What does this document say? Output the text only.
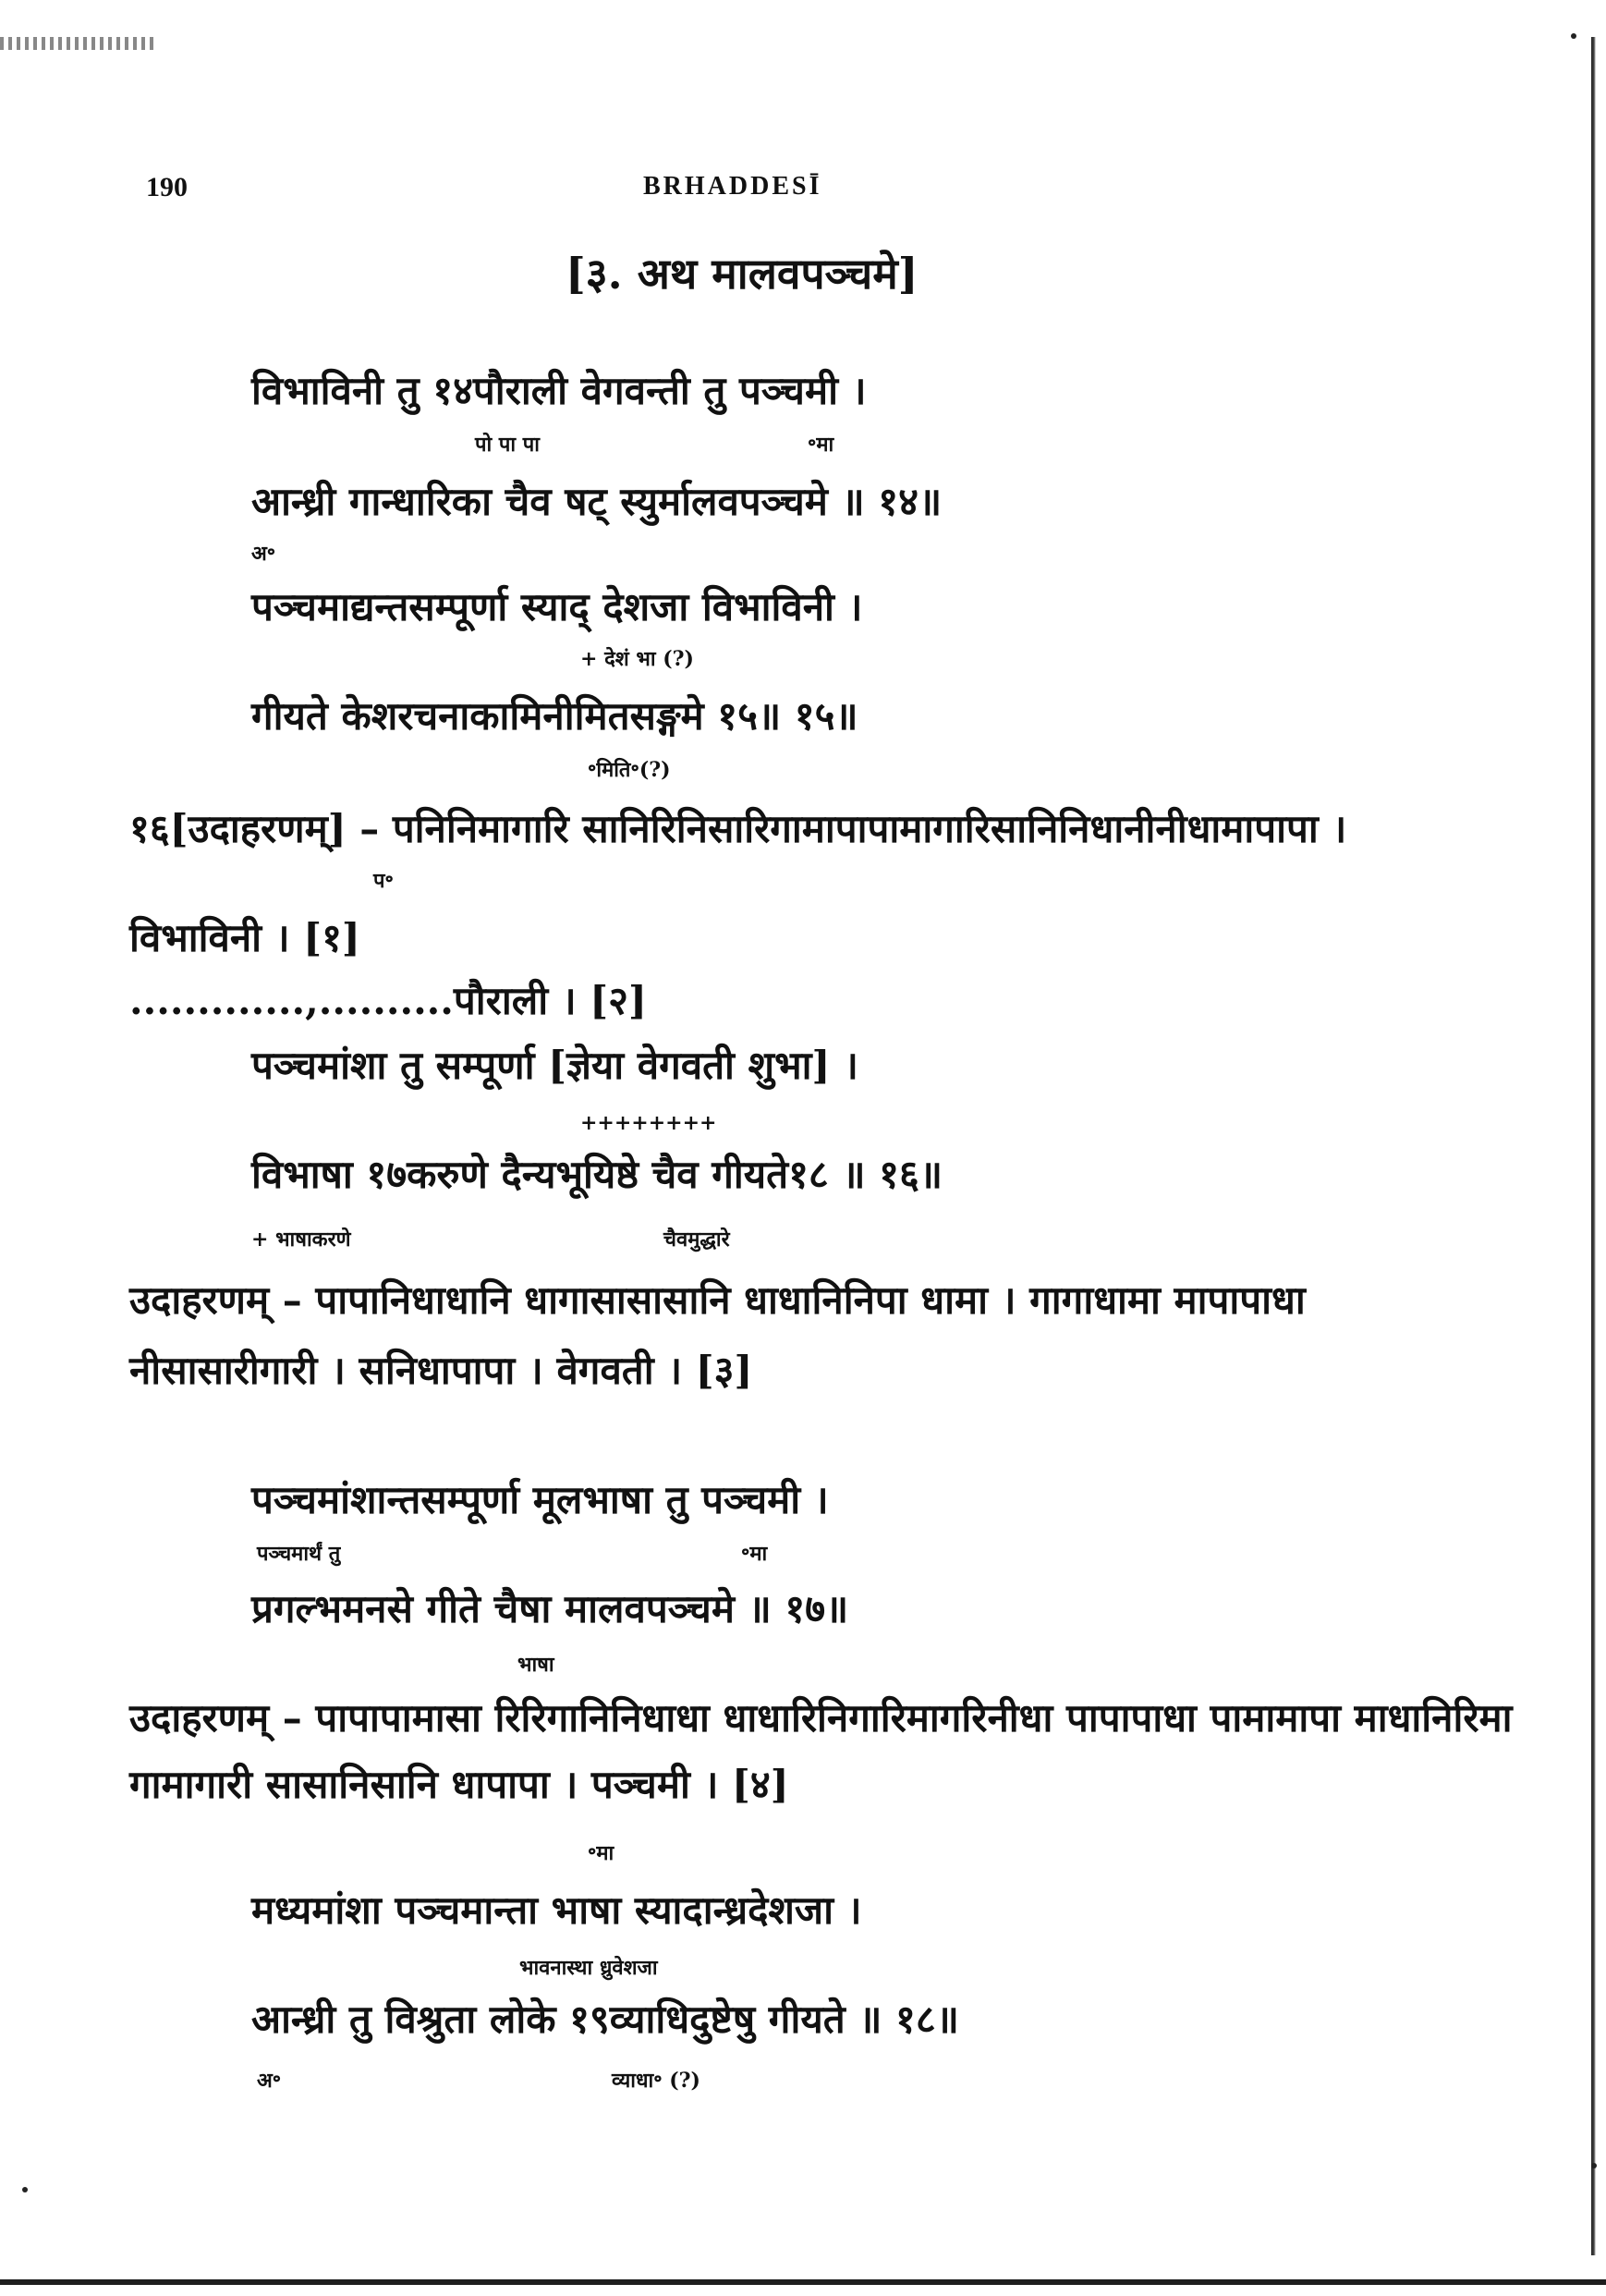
190	BRHADDESĪ
[३. अथ मालवपञ्चमे]
विभाविनी तु १४पौराली वेगवन्ती तु पञ्चमी ।
पो पा पा	॰मा
आन्ध्री गान्धारिका चैव षट् स्युर्मालवपञ्चमे ॥ १४॥
अ॰
पञ्चमाद्यन्तसम्पूर्णा स्याद् देशजा विभाविनी ।
+ देशं भा (?)
गीयते केशरचनाकामिनीमितसङ्गमे १५॥ १५॥
॰मिति॰(?)
१६[उदाहरणम्] – पनिनिमागारि सानिरिनिसारिगामापापामागारिसानिनिधानीनीधामापापा ।
प॰
विभाविनी । [१]
.............,..........पौराली । [२]
पञ्चमांशा तु सम्पूर्णा [ज्ञेया वेगवती शुभा] ।
++++++++
विभाषा १७करुणे दैन्यभूयिष्ठे चैव गीयते१८ ॥ १६॥
+ भाषाकरणे	चैवमुद्धारे
उदाहरणम् – पापानिधाधानि धागासासासानि धाधानिनिपा धामा । गागाधामा मापापाधा
नीसासारीगारी । सनिधापापा । वेगवती । [३]
पञ्चमांशान्तसम्पूर्णा मूलभाषा तु पञ्चमी ।
पञ्चमार्थं तु	॰मा
प्रगल्भमनसे गीते चैषा मालवपञ्चमे ॥ १७॥
भाषा
उदाहरणम् – पापापामासा रिरिगानिनिधाधा धाधारिनिगारिमागरिनीधा पापापाधा पामामापा माधानिरिमा
गामागारी सासानिसानि धापापा । पञ्चमी । [४]
॰मा
मध्यमांशा पञ्चमान्ता भाषा स्यादान्ध्रदेशजा ।
भावनास्था ध्रुवेशजा
आन्ध्री तु विश्रुता लोके १९व्याधिदुष्टेषु गीयते ॥ १८॥
अ॰	व्याधा॰ (?)
